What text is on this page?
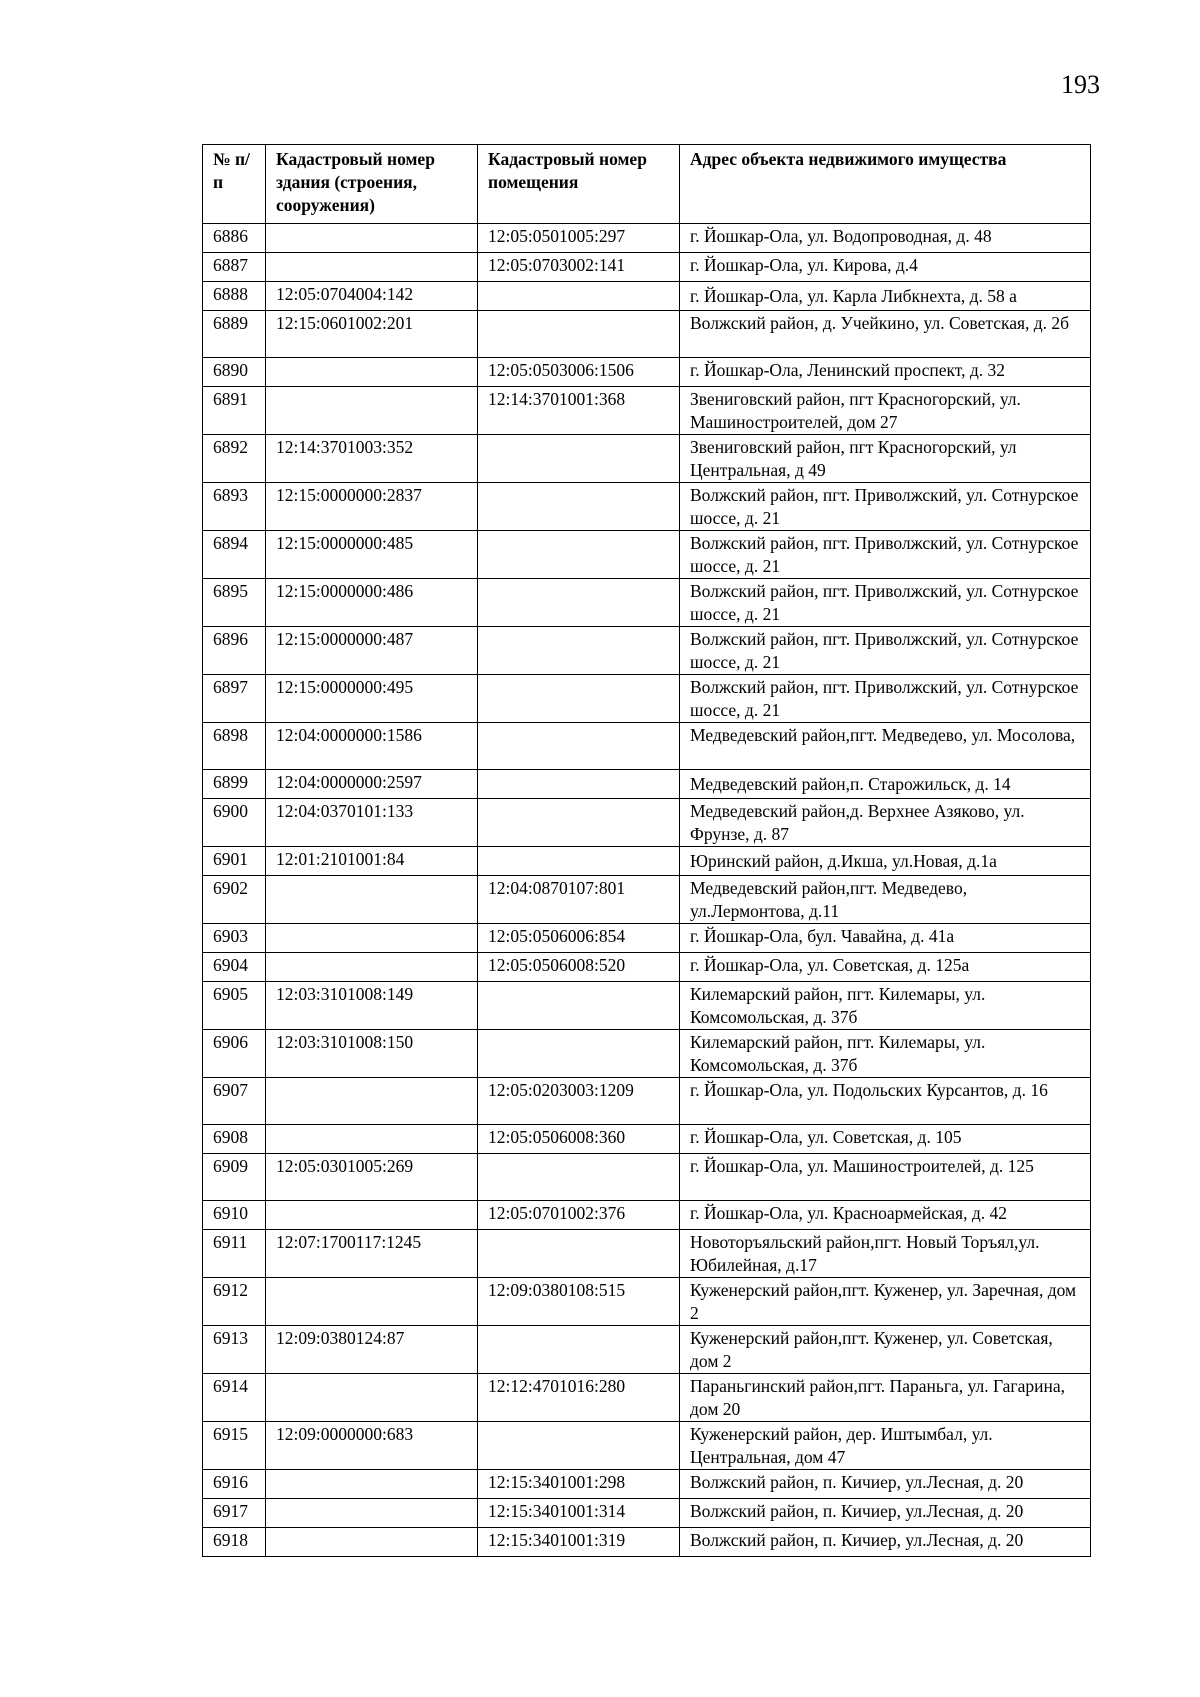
193
№ п/п	Кадастровый номер здания (строения, сооружения)	Кадастровый номер помещения	Адрес объекта недвижимого имущества
6886		12:05:0501005:297	г. Йошкар-Ола, ул. Водопроводная, д. 48
6887		12:05:0703002:141	г. Йошкар-Ола, ул. Кирова, д.4
6888	12:05:0704004:142		г. Йошкар-Ола, ул. Карла Либкнехта, д. 58 а
6889	12:15:0601002:201		Волжский район, д. Учейкино, ул. Советская, д. 2б
6890		12:05:0503006:1506	г. Йошкар-Ола, Ленинский проспект, д. 32
6891		12:14:3701001:368	Звениговский район, пгт Красногорский, ул. Машиностроителей, дом 27
6892	12:14:3701003:352		Звениговский район, пгт Красногорский, ул Центральная, д 49
6893	12:15:0000000:2837		Волжский район, пгт. Приволжский, ул. Сотнурское шоссе, д. 21
6894	12:15:0000000:485		Волжский район, пгт. Приволжский, ул. Сотнурское шоссе, д. 21
6895	12:15:0000000:486		Волжский район, пгт. Приволжский, ул. Сотнурское шоссе, д. 21
6896	12:15:0000000:487		Волжский район, пгт. Приволжский, ул. Сотнурское шоссе, д. 21
6897	12:15:0000000:495		Волжский район, пгт. Приволжский, ул. Сотнурское шоссе, д. 21
6898	12:04:0000000:1586		Медведевский район,пгт. Медведево, ул. Мосолова,
6899	12:04:0000000:2597		Медведевский район,п. Старожильск, д. 14
6900	12:04:0370101:133		Медведевский район,д. Верхнее Азяково, ул. Фрунзе, д. 87
6901	12:01:2101001:84		Юринский район, д.Икша, ул.Новая, д.1а
6902		12:04:0870107:801	Медведевский район,пгт. Медведево, ул.Лермонтова, д.11
6903		12:05:0506006:854	г. Йошкар-Ола, бул. Чавайна, д. 41а
6904		12:05:0506008:520	г. Йошкар-Ола, ул. Советская, д. 125а
6905	12:03:3101008:149		Килемарский район, пгт. Килемары, ул. Комсомольская, д. 37б
6906	12:03:3101008:150		Килемарский район, пгт. Килемары, ул. Комсомольская, д. 37б
6907		12:05:0203003:1209	г. Йошкар-Ола, ул. Подольских Курсантов, д. 16
6908		12:05:0506008:360	г. Йошкар-Ола, ул. Советская, д. 105
6909	12:05:0301005:269		г. Йошкар-Ола, ул. Машиностроителей, д. 125
6910		12:05:0701002:376	г. Йошкар-Ола, ул. Красноармейская, д. 42
6911	12:07:1700117:1245		Новоторъяльский район,пгт. Новый Торъял,ул. Юбилейная, д.17
6912		12:09:0380108:515	Куженерский район,пгт. Куженер, ул. Заречная, дом 2
6913	12:09:0380124:87		Куженерский район,пгт. Куженер, ул. Советская, дом 2
6914		12:12:4701016:280	Параньгинский район,пгт. Параньга, ул. Гагарина, дом 20
6915	12:09:0000000:683		Куженерский район, дер. Иштымбал, ул. Центральная, дом 47
6916		12:15:3401001:298	Волжский район, п. Кичиер, ул.Лесная, д. 20
6917		12:15:3401001:314	Волжский район, п. Кичиер, ул.Лесная, д. 20
6918		12:15:3401001:319	Волжский район, п. Кичиер, ул.Лесная, д. 20
